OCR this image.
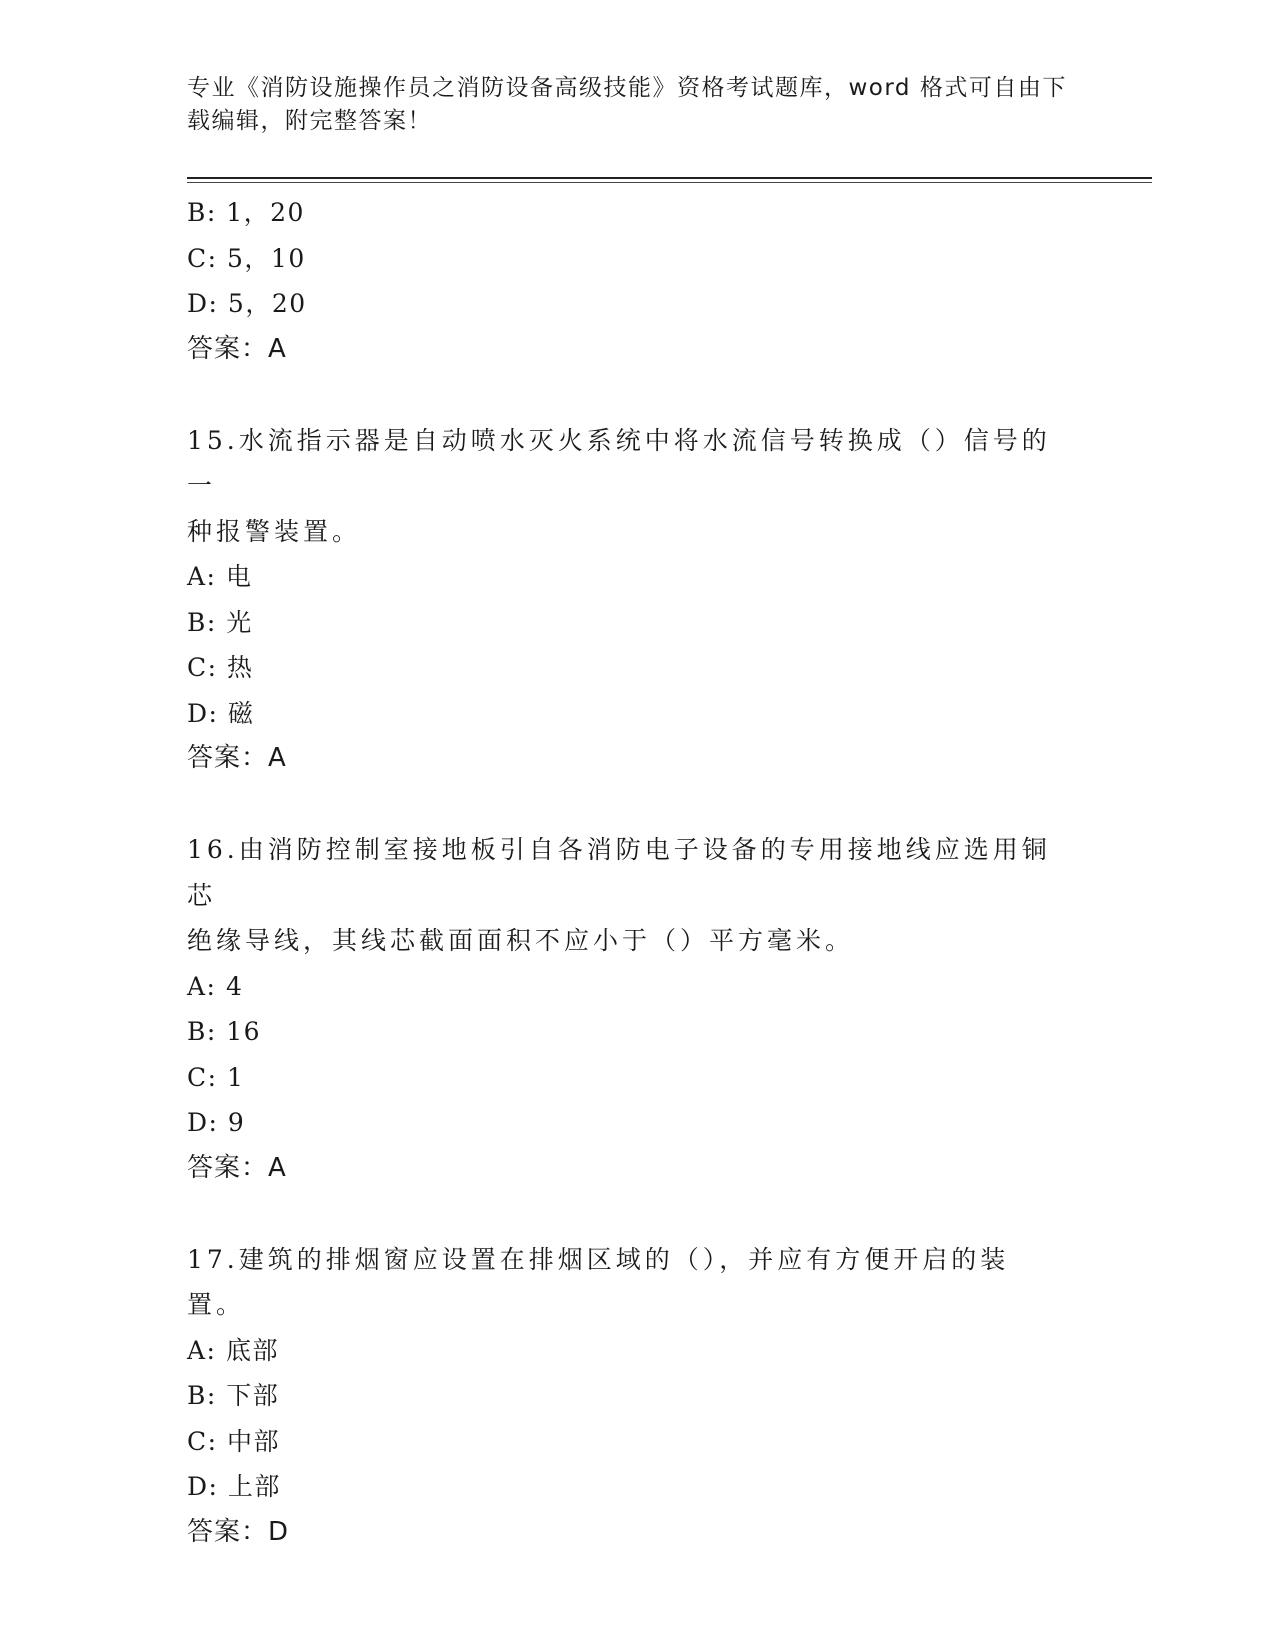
专业《消防设施操作员之消防设备高级技能》资格考试题库，word 格式可自由下
载编辑，附完整答案！
B: 1，20
C: 5，10
D: 5，20
答案：A
15.水流指示器是自动喷水灭火系统中将水流信号转换成（）信号的一
种报警装置。
A: 电
B: 光
C: 热
D: 磁
答案：A
16.由消防控制室接地板引自各消防电子设备的专用接地线应选用铜芯
绝缘导线，其线芯截面面积不应小于（）平方毫米。
A: 4
B: 16
C: 1
D: 9
答案：A
17.建筑的排烟窗应设置在排烟区域的（），并应有方便开启的装置。
A: 底部
B: 下部
C: 中部
D: 上部
答案：D
